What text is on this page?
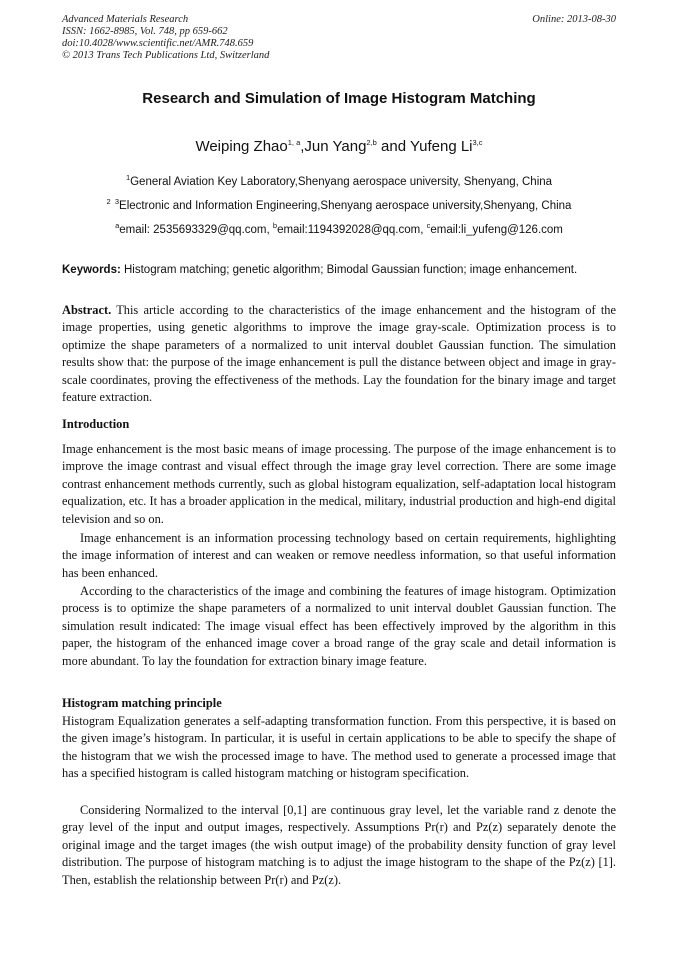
Advanced Materials Research
ISSN: 1662-8985, Vol. 748, pp 659-662
doi:10.4028/www.scientific.net/AMR.748.659
© 2013 Trans Tech Publications Ltd, Switzerland
Online: 2013-08-30
Research and Simulation of Image Histogram Matching
Weiping Zhao$^{1, a}$,Jun Yang$^{2,b}$ and Yufeng Li$^{3,c}$
$^1$General Aviation Key Laboratory,Shenyang aerospace university, Shenyang, China
$^{2 3}$Electronic and Information Engineering,Shenyang aerospace university,Shenyang, China
$^a$email: 2535693329@qq.com, $^b$email:1194392028@qq.com, $^c$email:li_yufeng@126.com
Keywords: Histogram matching; genetic algorithm; Bimodal Gaussian function; image enhancement.

Abstract. This article according to the characteristics of the image enhancement and the histogram of the image properties, using genetic algorithms to improve the image gray-scale. Optimization process is to optimize the shape parameters of a normalized to unit interval doublet Gaussian function. The simulation results show that: the purpose of the image enhancement is pull the distance between object and image in gray-scale coordinates, proving the effectiveness of the methods. Lay the foundation for the binary image and target feature extraction.

Introduction

Image enhancement is the most basic means of image processing. The purpose of the image enhancement is to improve the image contrast and visual effect through the image gray level correction. There are some image contrast enhancement methods currently, such as global histogram equalization, self-adaptation local histogram equalization, etc. It has a broader application in the medical, military, industrial production and high-end digital television and so on.

Image enhancement is an information processing technology based on certain requirements, highlighting the image information of interest and can weaken or remove needless information, so that useful information has been enhanced.

According to the characteristics of the image and combining the features of image histogram. Optimization process is to optimize the shape parameters of a normalized to unit interval doublet Gaussian function. The simulation result indicated: The image visual effect has been effectively improved by the algorithm in this paper, the histogram of the enhanced image cover a broad range of the gray scale and detail information is more abundant. To lay the foundation for extraction binary image feature.

Histogram matching principle

Histogram Equalization generates a self-adapting transformation function. From this perspective, it is based on the given image’s histogram. In particular, it is useful in certain applications to be able to specify the shape of the histogram that we wish the processed image to have. The method used to generate a processed image that has a specified histogram is called histogram matching or histogram specification.

Considering Normalized to the interval [0,1] are continuous gray level, let the variable rand z denote the gray level of the input and output images, respectively. Assumptions Pr(r) and Pz(z) separately denote the original image and the target images (the wish output image) of the probability density function of gray level distribution. The purpose of histogram matching is to adjust the image histogram to the shape of the Pz(z) [1]. Then, establish the relationship between Pr(r) and Pz(z).
